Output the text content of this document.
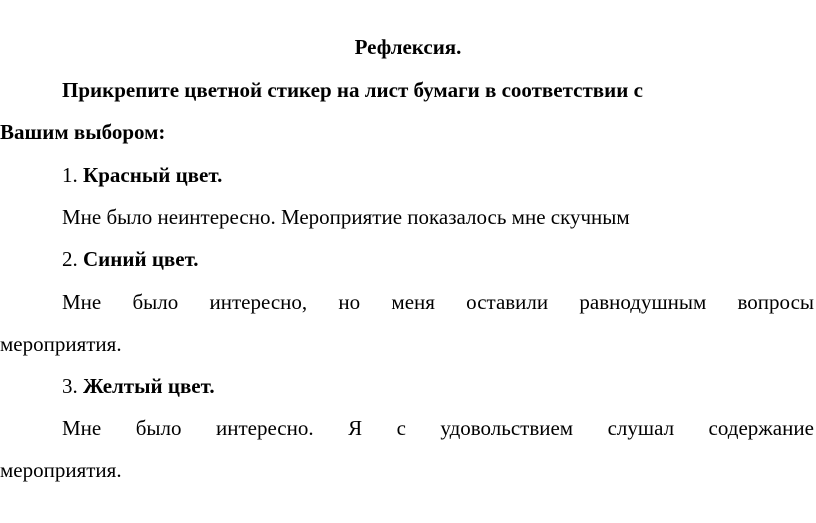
Рефлексия.
Прикрепите цветной стикер на лист бумаги в соответствии с
Вашим выбором:
1. Красный цвет.
Мне было неинтересно. Мероприятие показалось мне скучным
2. Синий цвет.
Мне было интересно, но меня оставили равнодушным вопросы
мероприятия.
3. Желтый цвет.
Мне было интересно. Я с удовольствием слушал содержание
мероприятия.
